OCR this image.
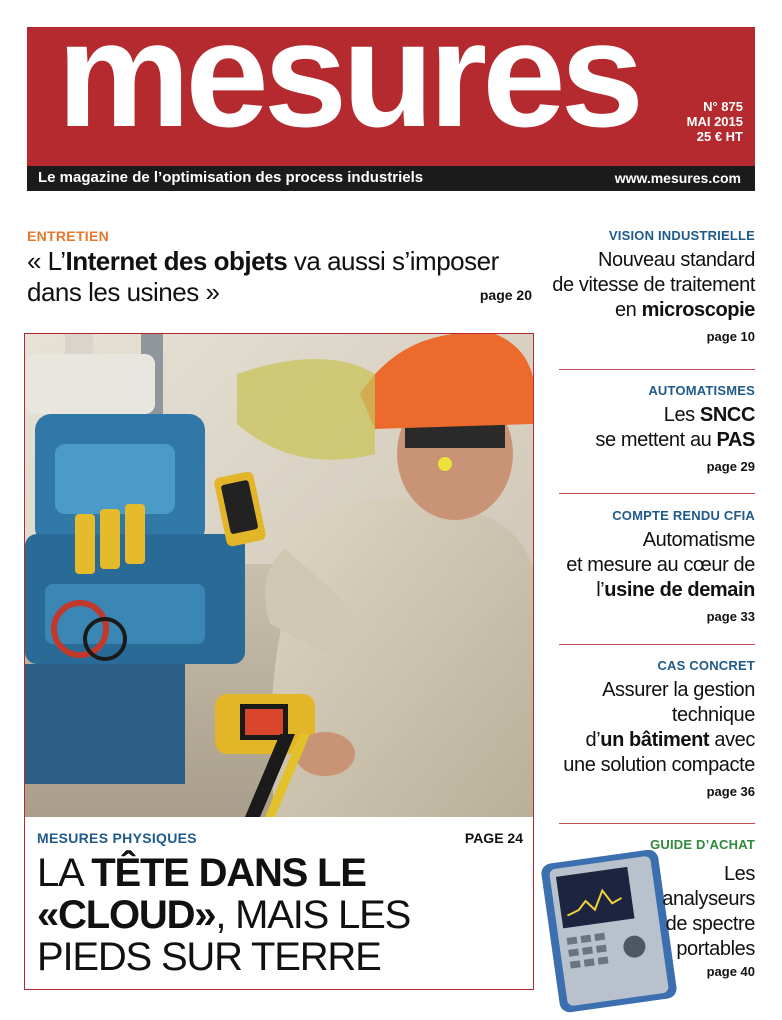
mesures	N° 875
MAI 2015
25 € HT
Le magazine de l’optimisation des process industriels	www.mesures.com
ENTRETIEN
« L’Internet des objets va aussi s’imposer dans les usines »	page 20
MESURES PHYSIQUES	PAGE 24
LA TÊTE DANS LE «CLOUD», MAIS LES PIEDS SUR TERRE
VISION INDUSTRIELLE
Nouveau standard
de vitesse de traitement
en microscopie
page 10
AUTOMATISMES
Les SNCC
se mettent au PAS
page 29
COMPTE RENDU CFIA
Automatisme
et mesure au cœur de
l’usine de demain
page 33
CAS CONCRET
Assurer la gestion
technique
d’un bâtiment avec
une solution compacte
page 36
GUIDE D’ACHAT
Les
analyseurs
de spectre
portables
page 40
